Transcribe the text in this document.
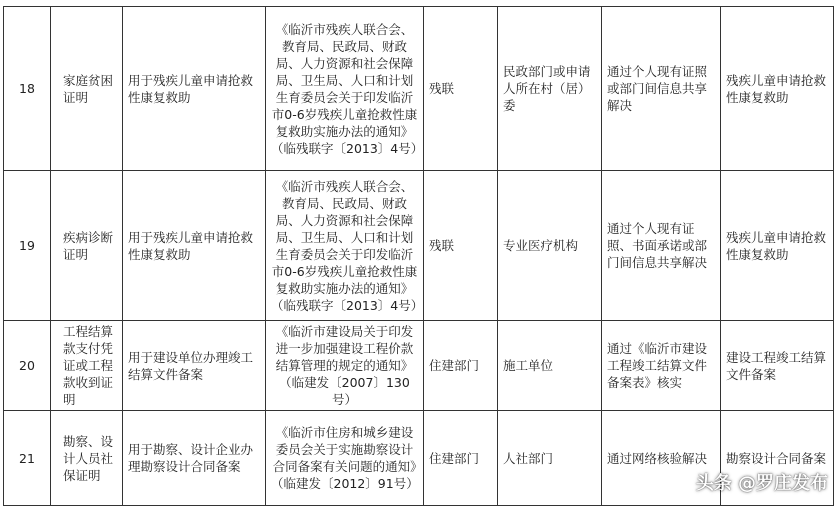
18	家庭贫困证明	用于残疾儿童申请抢救性康复救助	《临沂市残疾人联合会、教育局、民政局、财政局、人力资源和社会保障局、卫生局、人口和计划生育委员会关于印发临沂市0-6岁残疾儿童抢救性康复救助实施办法的通知》（临残联字〔2013〕4号）	残联	民政部门或申请人所在村（居）委	通过个人现有证照或部门间信息共享解决	残疾儿童申请抢救性康复救助
19	疾病诊断证明	用于残疾儿童申请抢救性康复救助	《临沂市残疾人联合会、教育局、民政局、财政局、人力资源和社会保障局、卫生局、人口和计划生育委员会关于印发临沂市0-6岁残疾儿童抢救性康复救助实施办法的通知》（临残联字〔2013〕4号）	残联	专业医疗机构	通过个人现有证照、书面承诺或部门间信息共享解决	残疾儿童申请抢救性康复救助
20	工程结算款支付凭证或工程款收到证明	用于建设单位办理竣工结算文件备案	《临沂市建设局关于印发进一步加强建设工程价款结算管理的规定的通知》（临建发〔2007〕130号）	住建部门	施工单位	通过《临沂市建设工程竣工结算文件备案表》核实	建设工程竣工结算文件备案
21	勘察、设计人员社保证明	用于勘察、设计企业办理勘察设计合同备案	《临沂市住房和城乡建设委员会关于实施勘察设计合同备案有关问题的通知》（临建发〔2012〕91号）	住建部门	人社部门	通过网络核验解决	勘察设计合同备案
头条 @罗庄发布
